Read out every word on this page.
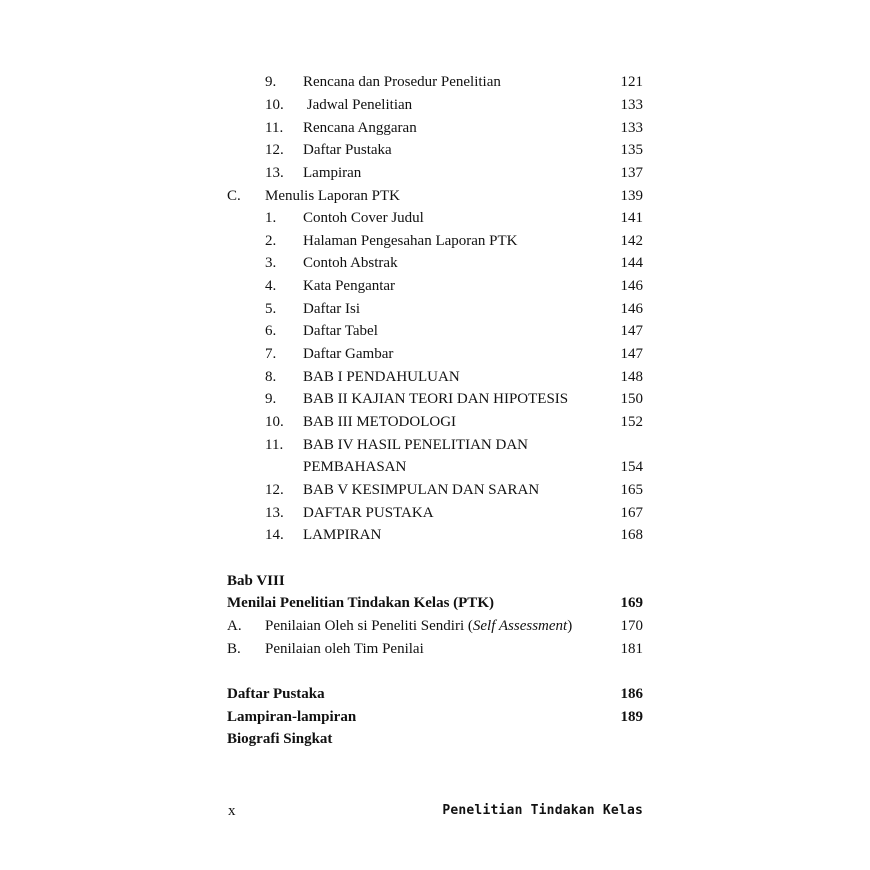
9. Rencana dan Prosedur Penelitian	121
10. Jadwal Penelitian	133
11. Rencana Anggaran	133
12. Daftar Pustaka	135
13. Lampiran	137
C. Menulis Laporan PTK	139
1. Contoh Cover Judul	141
2. Halaman Pengesahan Laporan PTK	142
3. Contoh Abstrak	144
4. Kata Pengantar	146
5. Daftar Isi	146
6. Daftar Tabel	147
7. Daftar Gambar	147
8. BAB I PENDAHULUAN	148
9. BAB II KAJIAN TEORI DAN HIPOTESIS	150
10. BAB III METODOLOGI	152
11. BAB IV HASIL PENELITIAN DAN
PEMBAHASAN	154
12. BAB V KESIMPULAN DAN SARAN	165
13. DAFTAR PUSTAKA	167
14. LAMPIRAN	168
Bab VIII
Menilai Penelitian Tindakan Kelas (PTK)	169
A. Penilaian Oleh si Peneliti Sendiri (Self Assessment)	170
B. Penilaian oleh Tim Penilai	181
Daftar Pustaka	186
Lampiran-lampiran	189
Biografi Singkat
x	Penelitian Tindakan Kelas
